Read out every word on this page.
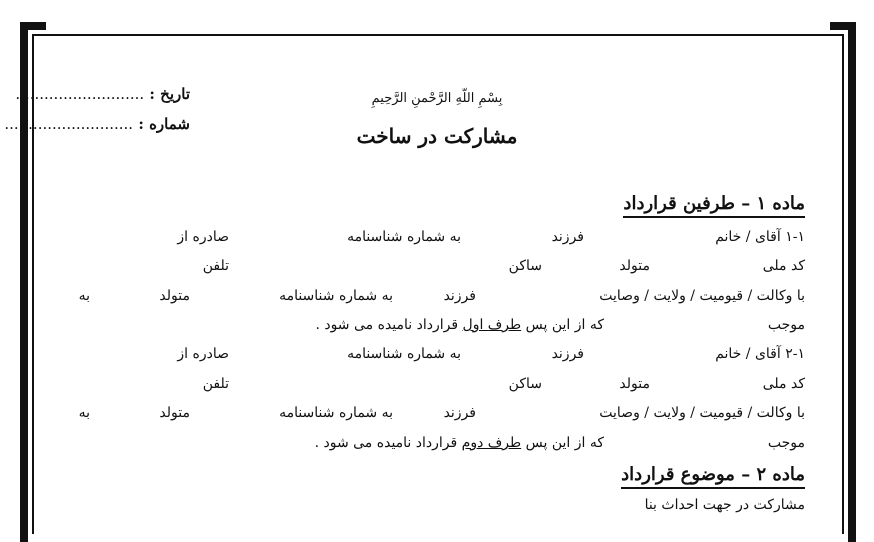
بِسْمِ اللّهِ الرَّحْمنِ الرَّحِيمِ
مشارکت در ساخت
تاریخ : ...........................
شماره : ...........................
ماده ۱ – طرفین قرارداد
۱-۱ آقای / خانم
فرزند
به شماره شناسنامه
صادره از
کد ملی
متولد
ساکن
تلفن
با وکالت / قیومیت / ولایت / وصایت
فرزند
به شماره شناسنامه
متولد
به
موجب
که از این پس طرف اول قرارداد نامیده می شود .
۲-۱ آقای / خانم
فرزند
به شماره شناسنامه
صادره از
کد ملی
متولد
ساکن
تلفن
با وکالت / قیومیت / ولایت / وصایت
فرزند
به شماره شناسنامه
متولد
به
موجب
که از این پس طرف دوم قرارداد نامیده می شود .
ماده ۲ – موضوع قرارداد
مشارکت در جهت احداث بنا
